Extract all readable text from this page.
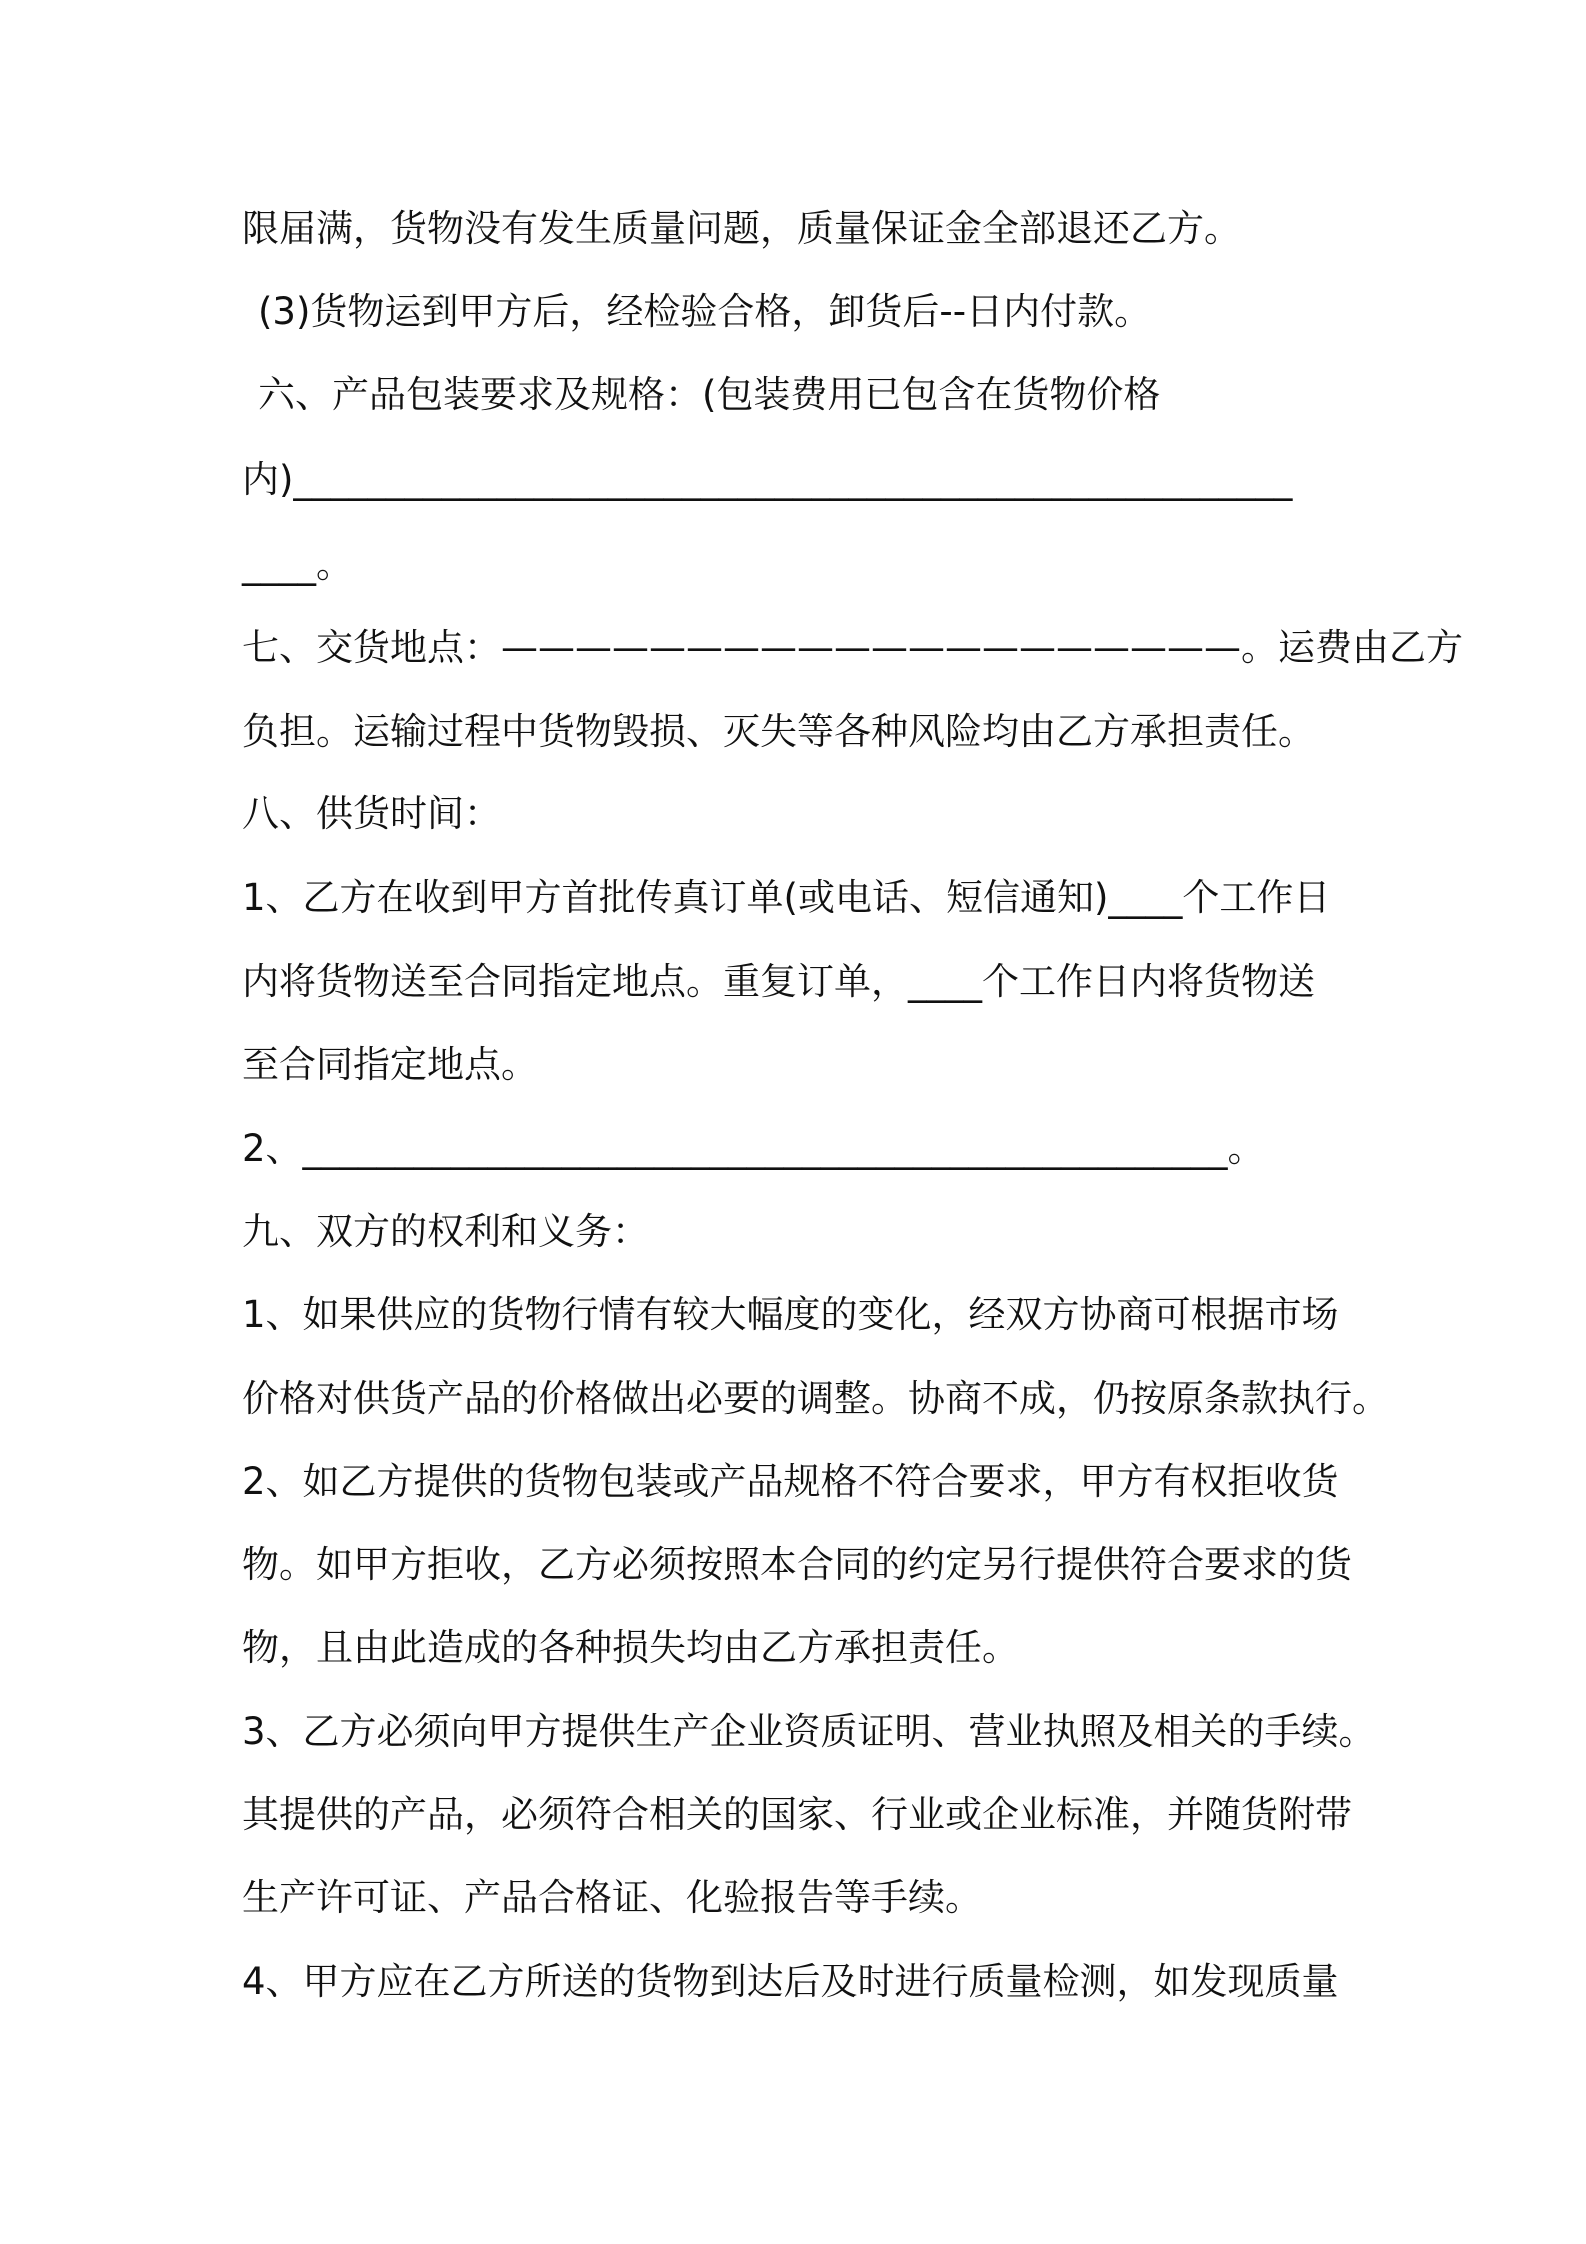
限届满，货物没有发生质量问题，质量保证金全部退还乙方。
(3)货物运到甲方后，经检验合格，卸货后--日内付款。
六、产品包装要求及规格：(包装费用已包含在货物价格
内)______________________________________________________
____。
七、交货地点：————————————————————。运费由乙方
负担。运输过程中货物毁损、灭失等各种风险均由乙方承担责任。
八、供货时间：
1、乙方在收到甲方首批传真订单(或电话、短信通知)____个工作日
内将货物送至合同指定地点。重复订单，____个工作日内将货物送
至合同指定地点。
2、__________________________________________________。
九、双方的权利和义务：
1、如果供应的货物行情有较大幅度的变化，经双方协商可根据市场
价格对供货产品的价格做出必要的调整。协商不成，仍按原条款执行。
2、如乙方提供的货物包装或产品规格不符合要求，甲方有权拒收货
物。如甲方拒收，乙方必须按照本合同的约定另行提供符合要求的货
物，且由此造成的各种损失均由乙方承担责任。
3、乙方必须向甲方提供生产企业资质证明、营业执照及相关的手续。
其提供的产品，必须符合相关的国家、行业或企业标准，并随货附带
生产许可证、产品合格证、化验报告等手续。
4、甲方应在乙方所送的货物到达后及时进行质量检测，如发现质量
